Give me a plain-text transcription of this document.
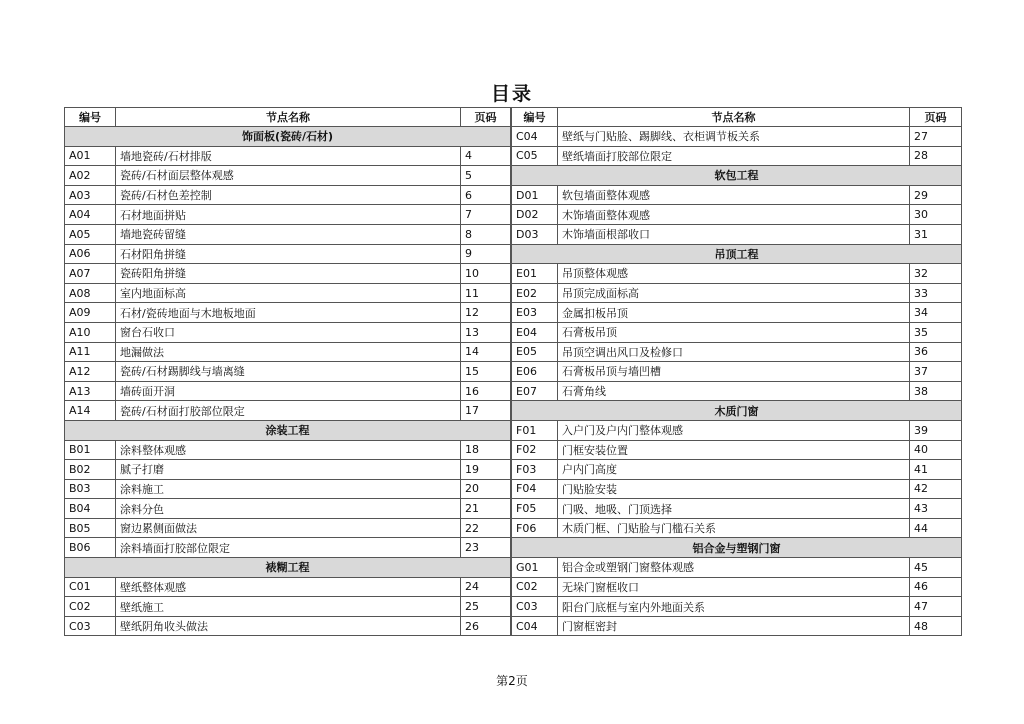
目录
编号	节点名称	页码
饰面板(瓷砖/石材)		
A01	墙地瓷砖/石材排版	4
A02	瓷砖/石材面层整体观感	5
A03	瓷砖/石材色差控制	6
A04	石材地面拼贴	7
A05	墙地瓷砖留缝	8
A06	石材阳角拼缝	9
A07	瓷砖阳角拼缝	10
A08	室内地面标高	11
A09	石材/瓷砖地面与木地板地面	12
A10	窗台石收口	13
A11	地漏做法	14
A12	瓷砖/石材踢脚线与墙离缝	15
A13	墙砖面开洞	16
A14	瓷砖/石材面打胶部位限定	17
涂装工程		
B01	涂料整体观感	18
B02	腻子打磨	19
B03	涂料施工	20
B04	涂料分色	21
B05	窗边累侧面做法	22
B06	涂料墙面打胶部位限定	23
裱糊工程		
C01	壁纸整体观感	24
C02	壁纸施工	25
C03	壁纸阴角收头做法	26
编号	节点名称	页码
C04	壁纸与门贴脸、踢脚线、衣柜调节板关系	27
C05	壁纸墙面打胶部位限定	28
软包工程		
D01	软包墙面整体观感	29
D02	木饰墙面整体观感	30
D03	木饰墙面根部收口	31
吊顶工程		
E01	吊顶整体观感	32
E02	吊顶完成面标高	33
E03	金属扣板吊顶	34
E04	石膏板吊顶	35
E05	吊顶空调出风口及检修口	36
E06	石膏板吊顶与墙凹槽	37
E07	石膏角线	38
木质门窗		
F01	入户门及户内门整体观感	39
F02	门框安装位置	40
F03	户内门高度	41
F04	门贴脸安装	42
F05	门吸、地吸、门顶选择	43
F06	木质门框、门贴脸与门槛石关系	44
铝合金与塑钢门窗		
G01	铝合金或塑钢门窗整体观感	45
C02	无垛门窗框收口	46
C03	阳台门底框与室内外地面关系	47
C04	门窗框密封	48
第2页
